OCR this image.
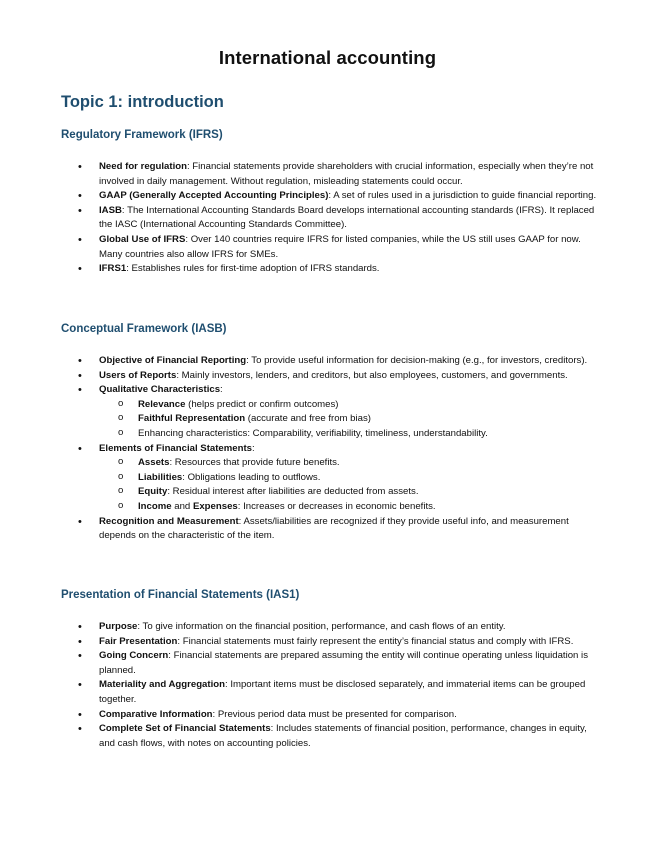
International accounting
Topic 1: introduction
Regulatory Framework (IFRS)
• Need for regulation: Financial statements provide shareholders with crucial information, especially when they’re not involved in daily management. Without regulation, misleading statements could occur.
• GAAP (Generally Accepted Accounting Principles): A set of rules used in a jurisdiction to guide financial reporting.
• IASB: The International Accounting Standards Board develops international accounting standards (IFRS). It replaced the IASC (International Accounting Standards Committee).
• Global Use of IFRS: Over 140 countries require IFRS for listed companies, while the US still uses GAAP for now. Many countries also allow IFRS for SMEs.
• IFRS1: Establishes rules for first-time adoption of IFRS standards.
Conceptual Framework (IASB)
• Objective of Financial Reporting: To provide useful information for decision-making (e.g., for investors, creditors).
• Users of Reports: Mainly investors, lenders, and creditors, but also employees, customers, and governments.
• Qualitative Characteristics:
o Relevance (helps predict or confirm outcomes)
o Faithful Representation (accurate and free from bias)
o Enhancing characteristics: Comparability, verifiability, timeliness, understandability.
• Elements of Financial Statements:
o Assets: Resources that provide future benefits.
o Liabilities: Obligations leading to outflows.
o Equity: Residual interest after liabilities are deducted from assets.
o Income and Expenses: Increases or decreases in economic benefits.
• Recognition and Measurement: Assets/liabilities are recognized if they provide useful info, and measurement depends on the characteristic of the item.
Presentation of Financial Statements (IAS1)
• Purpose: To give information on the financial position, performance, and cash flows of an entity.
• Fair Presentation: Financial statements must fairly represent the entity’s financial status and comply with IFRS.
• Going Concern: Financial statements are prepared assuming the entity will continue operating unless liquidation is planned.
• Materiality and Aggregation: Important items must be disclosed separately, and immaterial items can be grouped together.
• Comparative Information: Previous period data must be presented for comparison.
• Complete Set of Financial Statements: Includes statements of financial position, performance, changes in equity, and cash flows, with notes on accounting policies.
